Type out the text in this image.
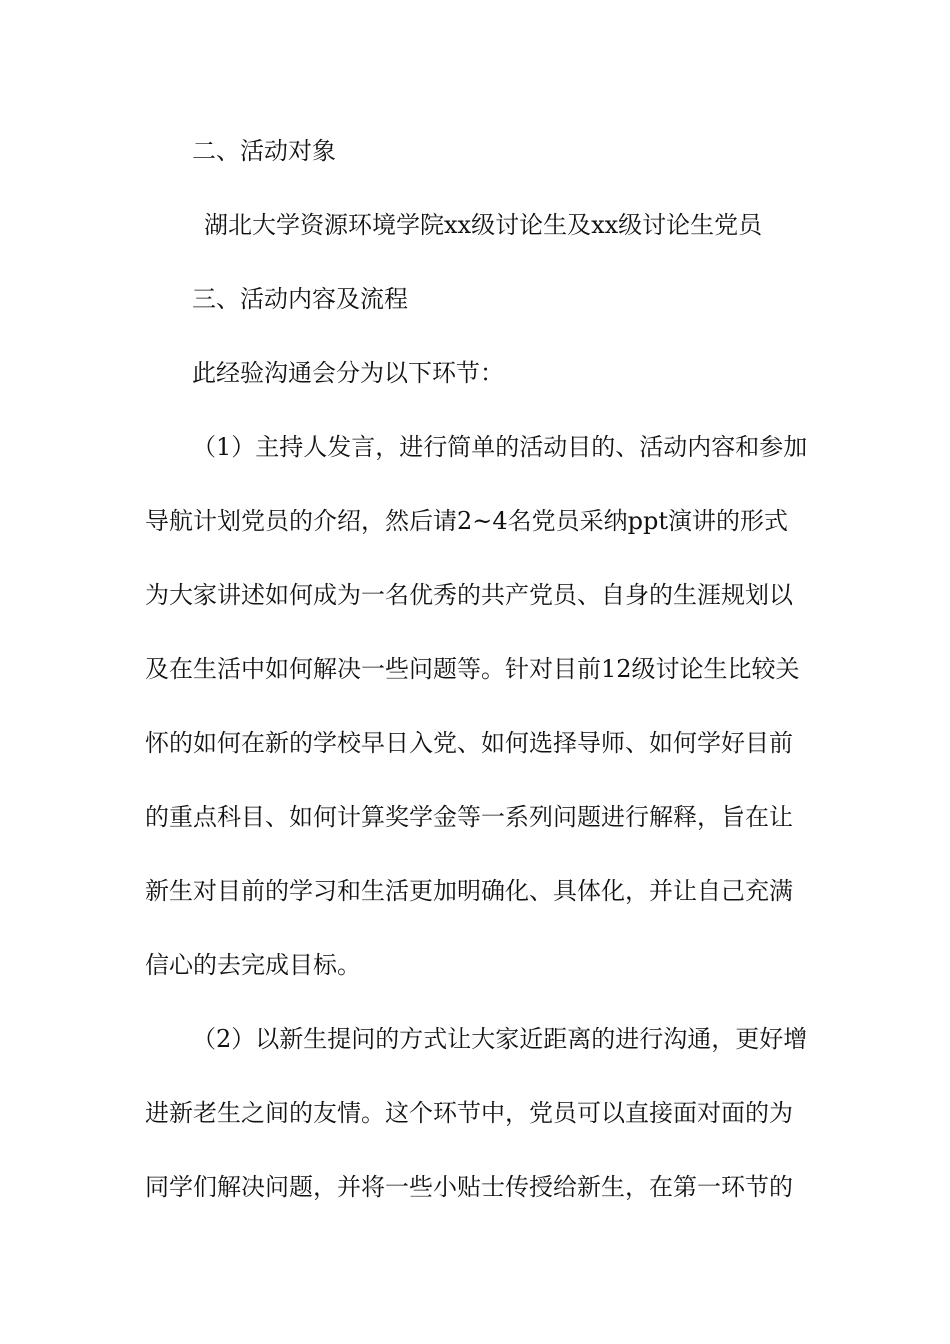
二、活动对象

湖北大学资源环境学院xx级讨论生及xx级讨论生党员

三、活动内容及流程

此经验沟通会分为以下环节：

（1）主持人发言，进行简单的活动目的、活动内容和参加

导航计划党员的介绍，然后请2~4名党员采纳ppt演讲的形式

为大家讲述如何成为一名优秀的共产党员、自身的生涯规划以

及在生活中如何解决一些问题等。针对目前12级讨论生比较关

怀的如何在新的学校早日入党、如何选择导师、如何学好目前

的重点科目、如何计算奖学金等一系列问题进行解释，旨在让

新生对目前的学习和生活更加明确化、具体化，并让自己充满

信心的去完成目标。

（2）以新生提问的方式让大家近距离的进行沟通，更好增

进新老生之间的友情。这个环节中，党员可以直接面对面的为

同学们解决问题，并将一些小贴士传授给新生，在第一环节的
